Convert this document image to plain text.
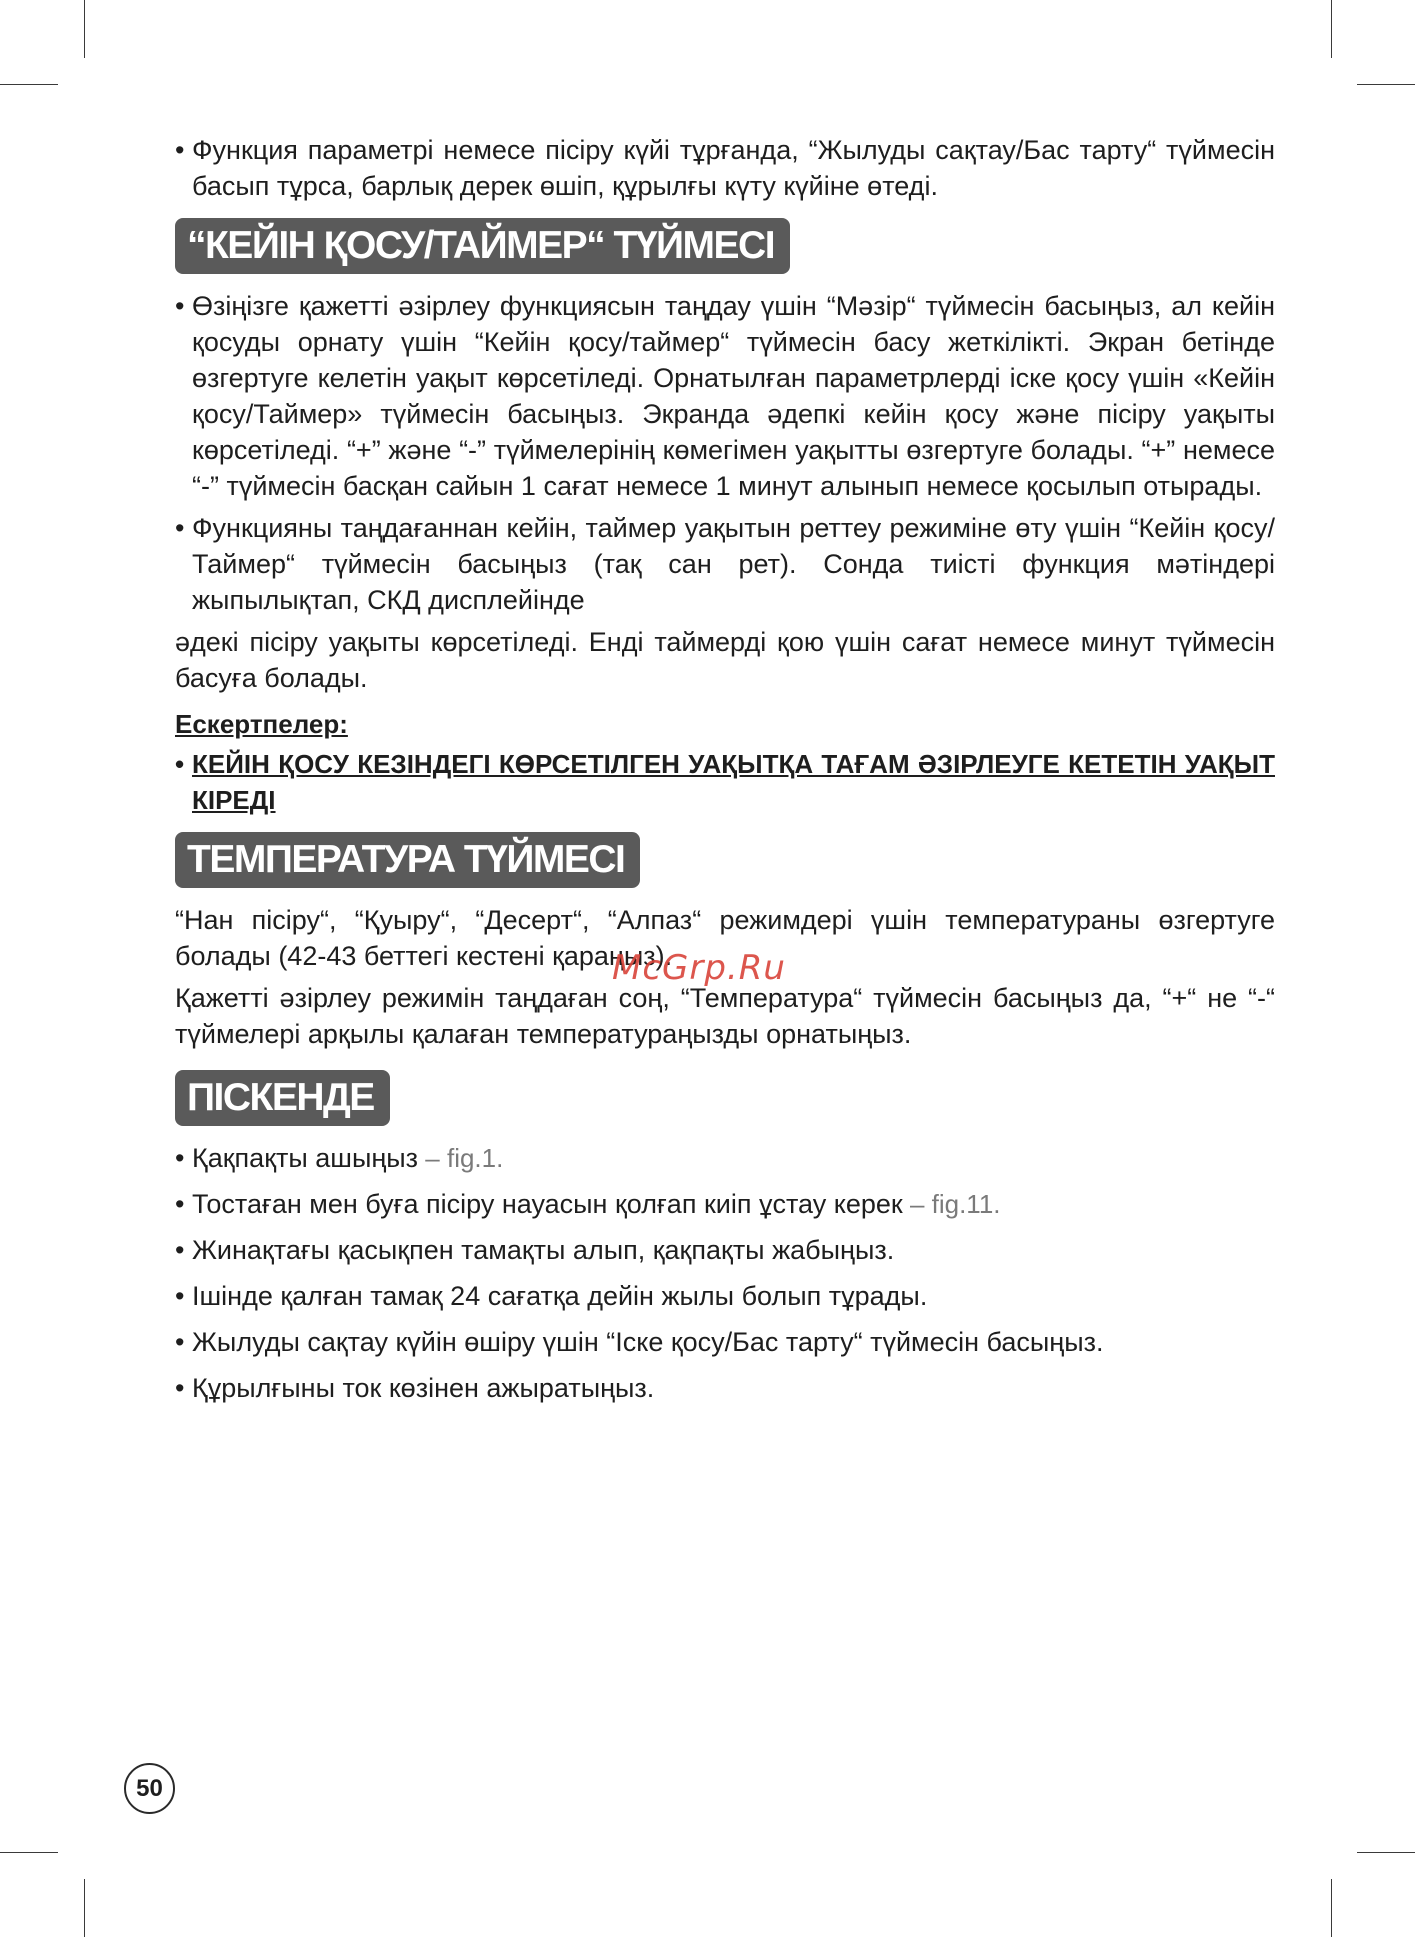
• Функция параметрі немесе пісіру күйі тұрғанда, “Жылуды сақтау/Бас тарту“ түймесін басып тұрса, барлық дерек өшіп, құрылғы күту күйіне өтеді.

“КЕЙІН ҚОСУ/ТАЙМЕР“ ТҮЙМЕСІ

• Өзіңізге қажетті әзірлеу функциясын таңдау үшін “Мәзір“ түймесін басыңыз, ал кейін қосуды орнату үшін “Кейін қосу/таймер“ түймесін басу жеткілікті. Экран бетінде өзгертуге келетін уақыт көрсетіледі. Орнатылған параметрлерді іске қосу үшін «Кейін қосу/Таймер» түймесін басыңыз. Экранда әдепкі кейін қосу және пісіру уақыты көрсетіледі. “+” және “-” түймелерінің көмегімен уақытты өзгертуге болады. “+” немесе “-” түймесін басқан сайын 1 сағат немесе 1 минут алынып немесе қосылып отырады.

• Функцияны таңдағаннан кейін, таймер уақытын реттеу режиміне өту үшін “Кейін қосу/Таймер“ түймесін басыңыз (тақ сан рет). Сонда тиісті функция мәтіндері жыпылықтап, СКД дисплейінде

әдекі пісіру уақыты көрсетіледі. Енді таймерді қою үшін сағат немесе минут түймесін басуға болады.

Ескертпелер:
• КЕЙІН ҚОСУ КЕЗІНДЕГІ КӨРСЕТІЛГЕН УАҚЫТҚА ТАҒАМ ӘЗІРЛЕУГЕ КЕТЕТІН УАҚЫТ КІРЕДІ
ТЕМПЕРАТУРА ТҮЙМЕСІ

“Нан пісіру“, “Қуыру“, “Десерт“, “Алпаз“ режимдері үшін температураны өзгертуге болады (42-43 беттегі кестені қараңыз).

Қажетті әзірлеу режимін таңдаған соң, “Температура“ түймесін басыңыз да, “+“ не “-“ түймелері арқылы қалаған температураңызды орнатыңыз.

ПІСКЕНДЕ
• Қақпақты ашыңыз – fig.1.
• Тостаған мен буға пісіру науасын қолғап киіп ұстау керек – fig.11.
• Жинақтағы қасықпен тамақты алып, қақпақты жабыңыз.
• Ішінде қалған тамақ 24 сағатқа дейін жылы болып тұрады.
• Жылуды сақтау күйін өшіру үшін “Іске қосу/Бас тарту“ түймесін басыңыз.
• Құрылғыны ток көзінен ажыратыңыз.
McGrp.Ru
50
